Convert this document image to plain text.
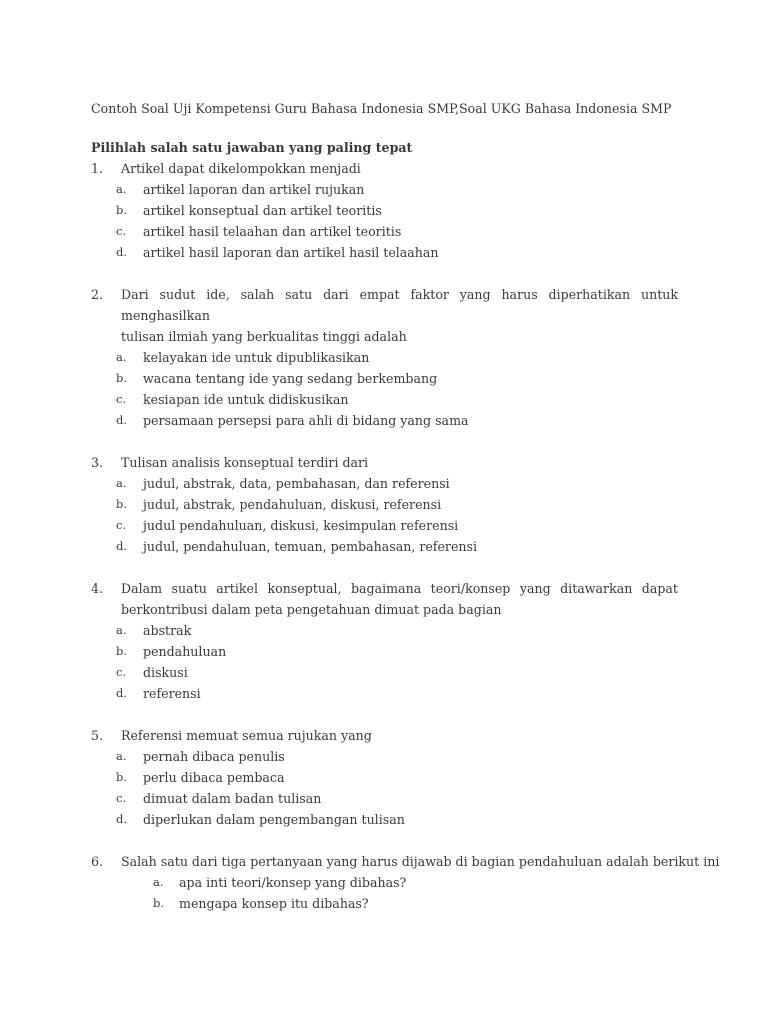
Contoh Soal Uji Kompetensi Guru Bahasa Indonesia SMP,Soal UKG Bahasa Indonesia SMP

Pilihlah salah satu jawaban yang paling tepat

1.	Artikel dapat dikelompokkan menjadi
a.	artikel laporan dan artikel rujukan
b.	artikel konseptual dan artikel teoritis
c.	artikel hasil telaahan dan artikel teoritis
d.	artikel hasil laporan dan artikel hasil telaahan
2.	Dari sudut ide, salah satu dari empat faktor yang harus diperhatikan untuk menghasilkan
tulisan ilmiah yang berkualitas tinggi adalah
a.	kelayakan ide untuk dipublikasikan
b.	wacana tentang ide yang sedang berkembang
c.	kesiapan ide untuk didiskusikan
d.	persamaan persepsi para ahli di bidang yang sama
3.	Tulisan analisis konseptual terdiri dari
a.	judul, abstrak, data, pembahasan, dan referensi
b.	judul, abstrak, pendahuluan, diskusi, referensi
c.	judul pendahuluan, diskusi, kesimpulan referensi
d.	judul, pendahuluan, temuan, pembahasan, referensi
4.	Dalam suatu artikel konseptual, bagaimana teori/konsep yang ditawarkan dapat
berkontribusi dalam peta pengetahuan dimuat pada bagian
a.	abstrak
b.	pendahuluan
c.	diskusi
d.	referensi
5.	Referensi memuat semua rujukan yang
a.	pernah dibaca penulis
b.	perlu dibaca pembaca
c.	dimuat dalam badan tulisan
d.	diperlukan dalam pengembangan tulisan
6.	Salah satu dari tiga pertanyaan yang harus dijawab di bagian pendahuluan adalah berikut ini
a.	apa inti teori/konsep yang dibahas?
b.	mengapa konsep itu dibahas?
